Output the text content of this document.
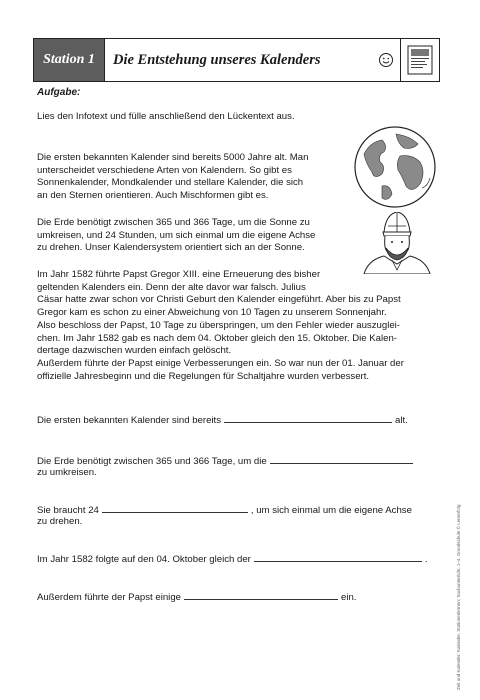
Station 1	Die Entstehung unseres Kalenders
Aufgabe:
Lies den Infotext und fülle anschließend den Lückentext aus.
Die ersten bekannten Kalender sind bereits 5000 Jahre alt. Man
unterscheidet verschiedene Arten von Kalendern. So gibt es
Sonnenkalender, Mondkalender und stellare Kalender, die sich
an den Sternen orientieren. Auch Mischformen gibt es.
Die Erde benötigt zwischen 365 und 366 Tage, um die Sonne zu
umkreisen, und 24 Stunden, um sich einmal um die eigene Achse
zu drehen. Unser Kalendersystem orientiert sich an der Sonne.
Im Jahr 1582 führte Papst Gregor XIII. eine Erneuerung des bisher
geltenden Kalenders ein. Denn der alte davor war falsch. Julius
Cäsar hatte zwar schon vor Christi Geburt den Kalender eingeführt. Aber bis zu Papst
Gregor kam es schon zu einer Abweichung von 10 Tagen zu unserem Sonnenjahr.
Also beschloss der Papst, 10 Tage zu überspringen, um den Fehler wieder auszuglei-
chen. Im Jahr 1582 gab es nach dem 04. Oktober gleich den 15. Oktober. Die Kalen-
dertage dazwischen wurden einfach gelöscht.
Außerdem führte der Papst einige Verbesserungen ein. So war nun der 01. Januar der
offizielle Jahresbeginn und die Regelungen für Schaltjahre wurden verbessert.
Die ersten bekannten Kalender sind bereits	alt.
Die Erde benötigt zwischen 365 und 366 Tage, um die
zu umkreisen.
Sie braucht 24	, um sich einmal um die eigene Achse
zu drehen.
Im Jahr 1582 folgte auf den 04. Oktober gleich der	.
Außerdem führte der Papst einige	ein.	Zeit und Kalender: Kalender, Stationenlernen; Sachunterricht, 1–4. Grundschule © Lernerfolg
